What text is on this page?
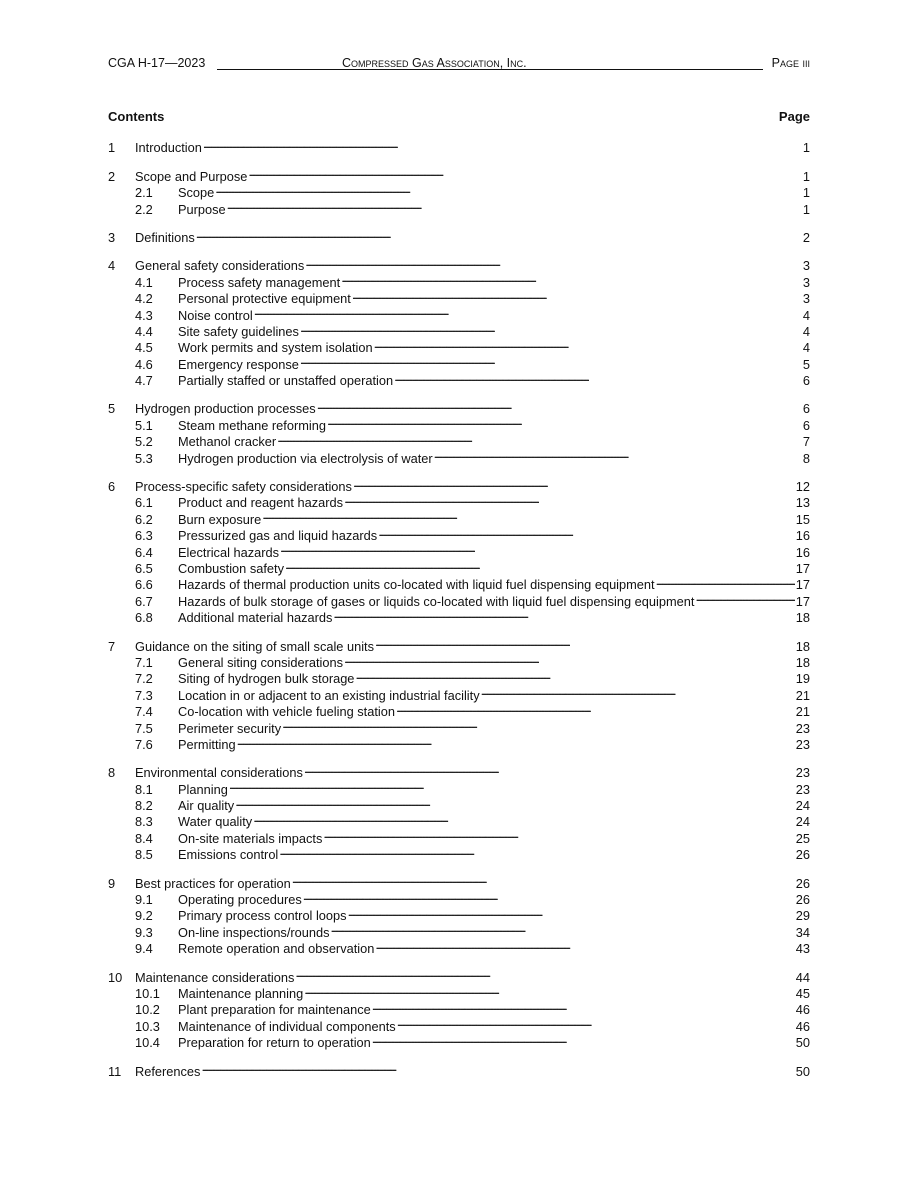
CGA H-17—2023	Compressed Gas Association, Inc.	Page iii
Contents	Page
1	Introduction . . .	1
2	Scope and Purpose . . .	1
2.1	Scope . . .	1
2.2	Purpose . . .	1
3	Definitions . . .	2
4	General safety considerations . . .	3
4.1	Process safety management . . .	3
4.2	Personal protective equipment . . .	3
4.3	Noise control . . .	4
4.4	Site safety guidelines . . .	4
4.5	Work permits and system isolation . . .	4
4.6	Emergency response . . .	5
4.7	Partially staffed or unstaffed operation . . .	6
5	Hydrogen production processes . . .	6
5.1	Steam methane reforming . . .	6
5.2	Methanol cracker . . .	7
5.3	Hydrogen production via electrolysis of water . . .	8
6	Process-specific safety considerations . . .	12
6.1	Product and reagent hazards . . .	13
6.2	Burn exposure . . .	15
6.3	Pressurized gas and liquid hazards . . .	16
6.4	Electrical hazards . . .	16
6.5	Combustion safety . . .	17
6.6	Hazards of thermal production units co-located with liquid fuel dispensing equipment . . .	17
6.7	Hazards of bulk storage of gases or liquids co-located with liquid fuel dispensing equipment . . .	17
6.8	Additional material hazards . . .	18
7	Guidance on the siting of small scale units . . .	18
7.1	General siting considerations . . .	18
7.2	Siting of hydrogen bulk storage . . .	19
7.3	Location in or adjacent to an existing industrial facility . . .	21
7.4	Co-location with vehicle fueling station . . .	21
7.5	Perimeter security . . .	23
7.6	Permitting . . .	23
8	Environmental considerations . . .	23
8.1	Planning . . .	23
8.2	Air quality . . .	24
8.3	Water quality . . .	24
8.4	On-site materials impacts . . .	25
8.5	Emissions control . . .	26
9	Best practices for operation . . .	26
9.1	Operating procedures . . .	26
9.2	Primary process control loops . . .	29
9.3	On-line inspections/rounds . . .	34
9.4	Remote operation and observation . . .	43
10 Maintenance considerations . . .	44
10.1	Maintenance planning . . .	45
10.2	Plant preparation for maintenance . . .	46
10.3	Maintenance of individual components . . .	46
10.4	Preparation for return to operation . . .	50
11	References . . .	50
